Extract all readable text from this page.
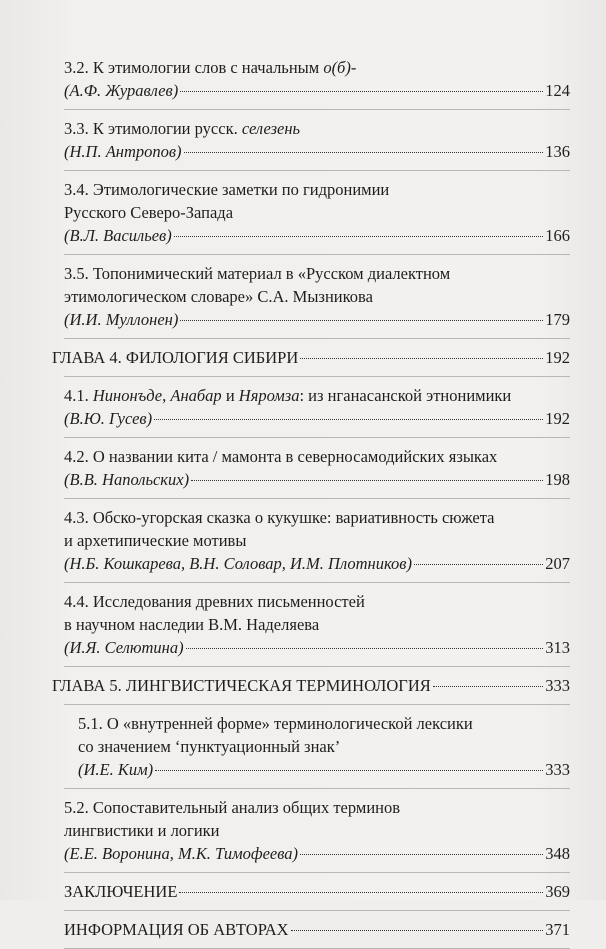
3.2. К этимологии слов с начальным о(б)-
(А.Ф. Журавлев)	124
3.3. К этимологии русск. селезень
(Н.П. Антропов)	136
3.4. Этимологические заметки по гидронимии
Русского Северо-Запада
(В.Л. Васильев)	166
3.5. Топонимический материал в «Русском диалектном
этимологическом словаре» С.А. Мызникова
(И.И. Муллонен)	179
ГЛАВА 4. ФИЛОЛОГИЯ СИБИРИ	192
4.1. Нинонъде, Анабар и Няромза: из нганасанской этнонимики
(В.Ю. Гусев)	192
4.2. О названии кита / мамонта в северносамодийских языках
(В.В. Напольских)	198
4.3. Обско-угорская сказка о кукушке: вариативность сюжета
и архетипические мотивы
(Н.Б. Кошкарева, В.Н. Соловар, И.М. Плотников)	207
4.4. Исследования древних письменностей
в научном наследии В.М. Наделяева
(И.Я. Селютина)	313
ГЛАВА 5. ЛИНГВИСТИЧЕСКАЯ ТЕРМИНОЛОГИЯ	333
5.1. О «внутренней форме» терминологической лексики
со значением ‘пунктуационный знак’
(И.Е. Ким)	333
5.2. Сопоставительный анализ общих терминов
лингвистики и логики
(Е.Е. Воронина, М.К. Тимофеева)	348
ЗАКЛЮЧЕНИЕ	369
ИНФОРМАЦИЯ ОБ АВТОРАХ	371
